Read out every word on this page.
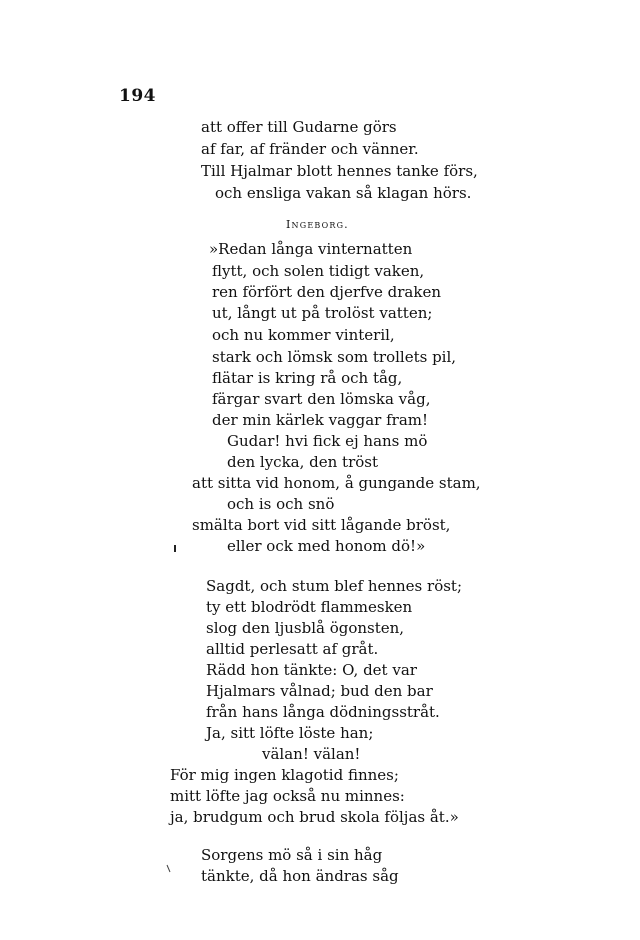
194
att offer till Gudarne görs
af far, af fränder och vänner.
Till Hjalmar blott hennes tanke förs,
och ensliga vakan så klagan hörs.
Ingeborg.
»Redan långa vinternatten
flytt, och solen tidigt vaken,
ren förfört den djerfve draken
ut, långt ut på trolöst vatten;
och nu kommer vinteril,
stark och lömsk som trollets pil,
flätar is kring rå och tåg,
färgar svart den lömska våg,
der min kärlek vaggar fram!
Gudar! hvi fick ej hans mö
den lycka, den tröst
att sitta vid honom, å gungande stam,
och is och snö
smälta bort vid sitt lågande bröst,
eller ock med honom dö!»
Sagdt, och stum blef hennes röst;
ty ett blodrödt flammesken
slog den ljusblå ögonsten,
alltid perlesatt af gråt.
Rädd hon tänkte: O, det var
Hjalmars vålnad; bud den bar
från hans långa dödningsstråt.
Ja, sitt löfte löste han;
välan! välan!
För mig ingen klagotid finnes;
mitt löfte jag också nu minnes:
ja, brudgum och brud skola följas åt.»
Sorgens mö så i sin håg
tänkte, då hon ändras såg
